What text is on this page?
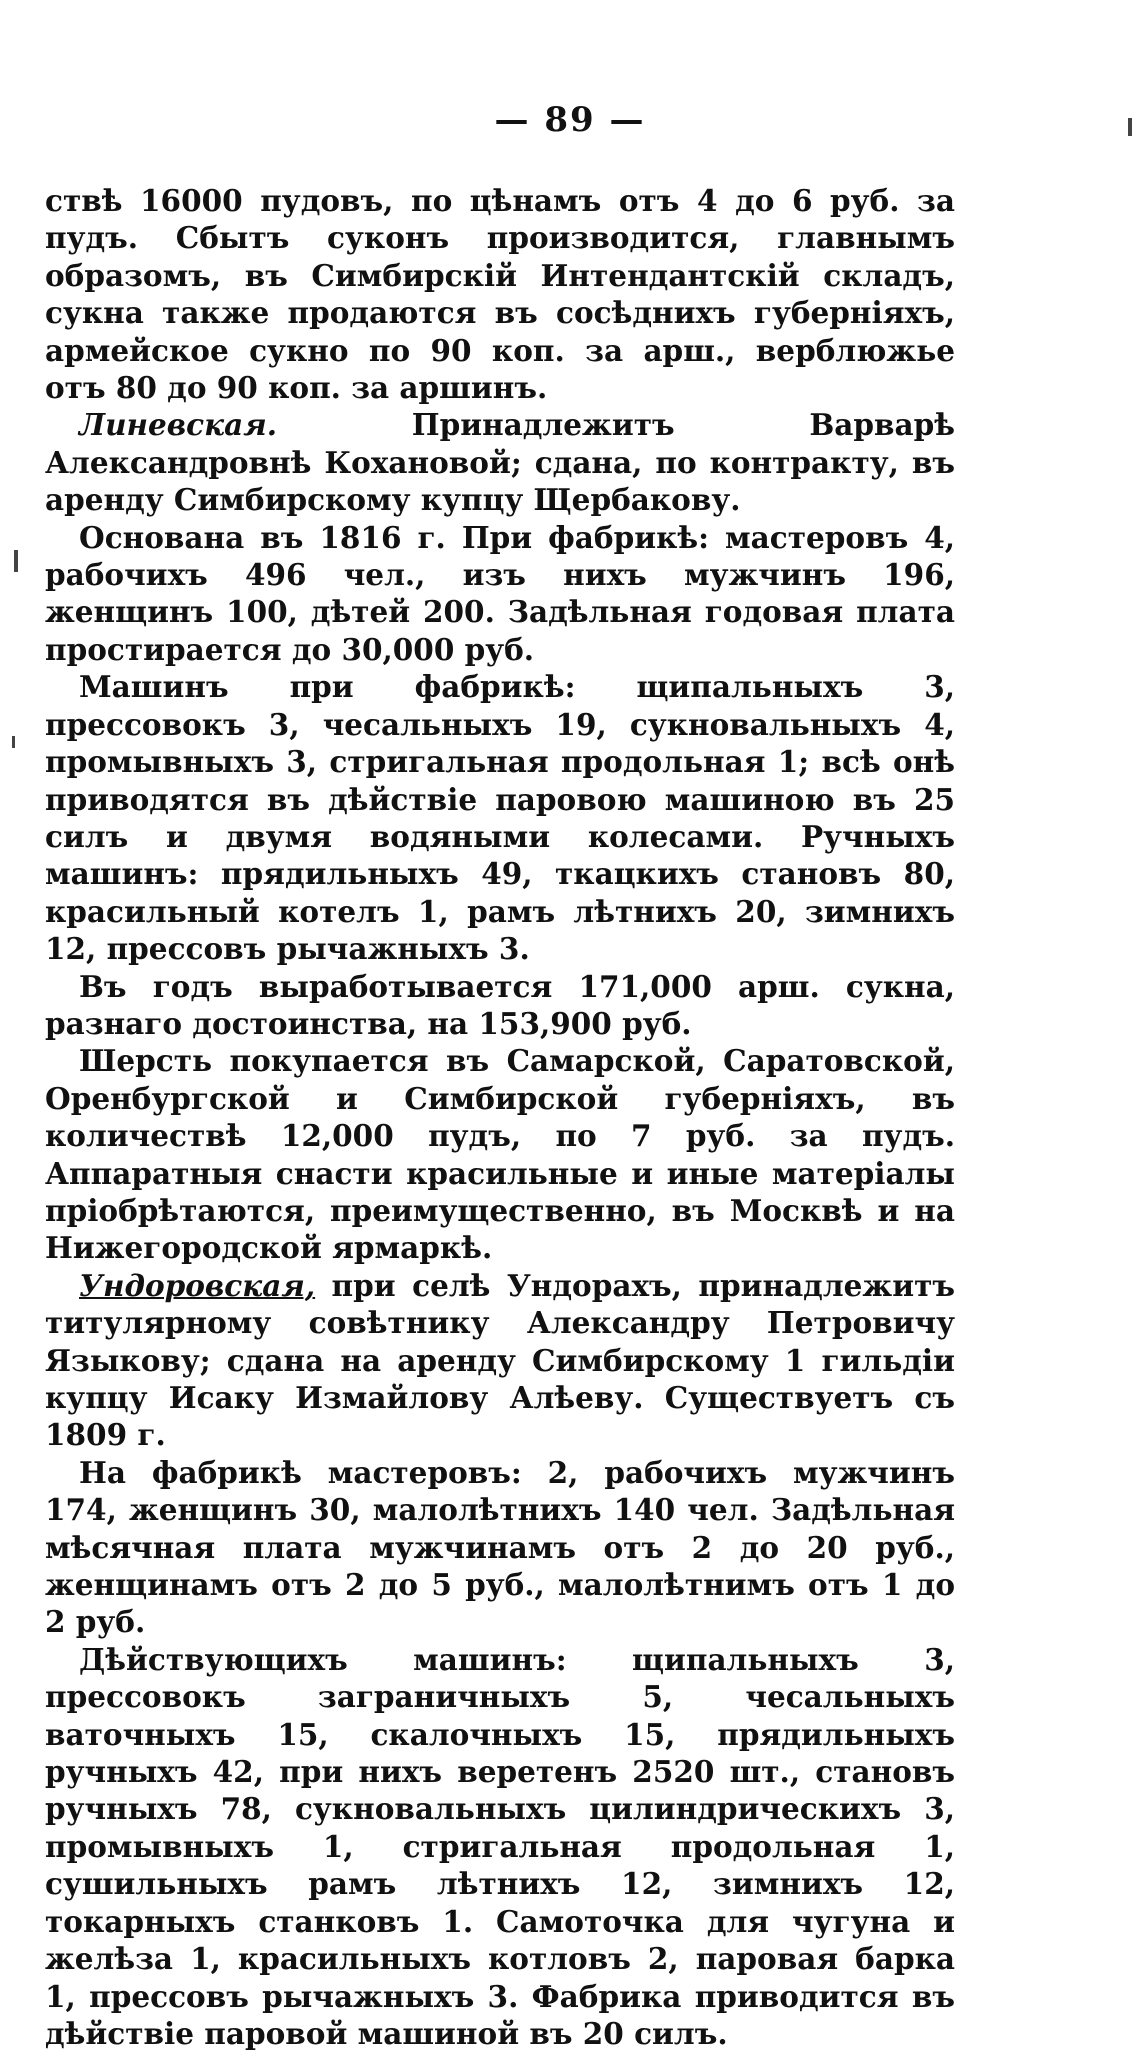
— 89 —

ствѣ 16000 пудовъ, по цѣнамъ отъ 4 до 6 руб. за пудъ. Сбытъ суконъ производится, главнымъ образомъ, въ Симбирскій Интендантскій складъ, сукна также продаются въ сосѣднихъ губерніяхъ, армейское сукно по 90 коп. за арш., верблюжье отъ 80 до 90 коп. за аршинъ.

Линевская. Принадлежитъ Варварѣ Александровнѣ Кохановой; сдана, по контракту, въ аренду Симбирскому купцу Щербакову.

Основана въ 1816 г. При фабрикѣ: мастеровъ 4, рабочихъ 496 чел., изъ нихъ мужчинъ 196, женщинъ 100, дѣтей 200. Задѣльная годовая плата простирается до 30,000 руб.

Машинъ при фабрикѣ: щипальныхъ 3, прессовокъ 3, чесальныхъ 19, сукновальныхъ 4, промывныхъ 3, стригальная продольная 1; всѣ онѣ приводятся въ дѣйствіе паровою машиною въ 25 силъ и двумя водяными колесами. Ручныхъ машинъ: прядильныхъ 49, ткацкихъ становъ 80, красильный котелъ 1, рамъ лѣтнихъ 20, зимнихъ 12, прессовъ рычажныхъ 3.

Въ годъ выработывается 171,000 арш. сукна, разнаго достоинства, на 153,900 руб.

Шерсть покупается въ Самарской, Саратовской, Оренбургской и Симбирской губерніяхъ, въ количествѣ 12,000 пудъ, по 7 руб. за пудъ. Аппаратныя снасти красильные и иные матеріалы пріобрѣтаются, преимущественно, въ Москвѣ и на Нижегородской ярмаркѣ.

Ундоровская, при селѣ Ундорахъ, принадлежитъ титулярному совѣтнику Александру Петровичу Языкову; сдана на аренду Симбирскому 1 гильдіи купцу Исаку Измайлову Алѣеву. Существуетъ съ 1809 г.

На фабрикѣ мастеровъ: 2, рабочихъ мужчинъ 174, женщинъ 30, малолѣтнихъ 140 чел. Задѣльная мѣсячная плата мужчинамъ отъ 2 до 20 руб., женщинамъ отъ 2 до 5 руб., малолѣтнимъ отъ 1 до 2 руб.

Дѣйствующихъ машинъ: щипальныхъ 3, прессовокъ заграничныхъ 5, чесальныхъ ваточныхъ 15, скалочныхъ 15, прядильныхъ ручныхъ 42, при нихъ веретенъ 2520 шт., становъ ручныхъ 78, сукновальныхъ цилиндрическихъ 3, промывныхъ 1, стригальная продольная 1, сушильныхъ рамъ лѣтнихъ 12, зимнихъ 12, токарныхъ станковъ 1. Самоточка для чугуна и желѣза 1, красильныхъ котловъ 2, паровая барка 1, прессовъ рычажныхъ 3. Фабрика приводится въ дѣйствіе паровой машиной въ 20 силъ.
